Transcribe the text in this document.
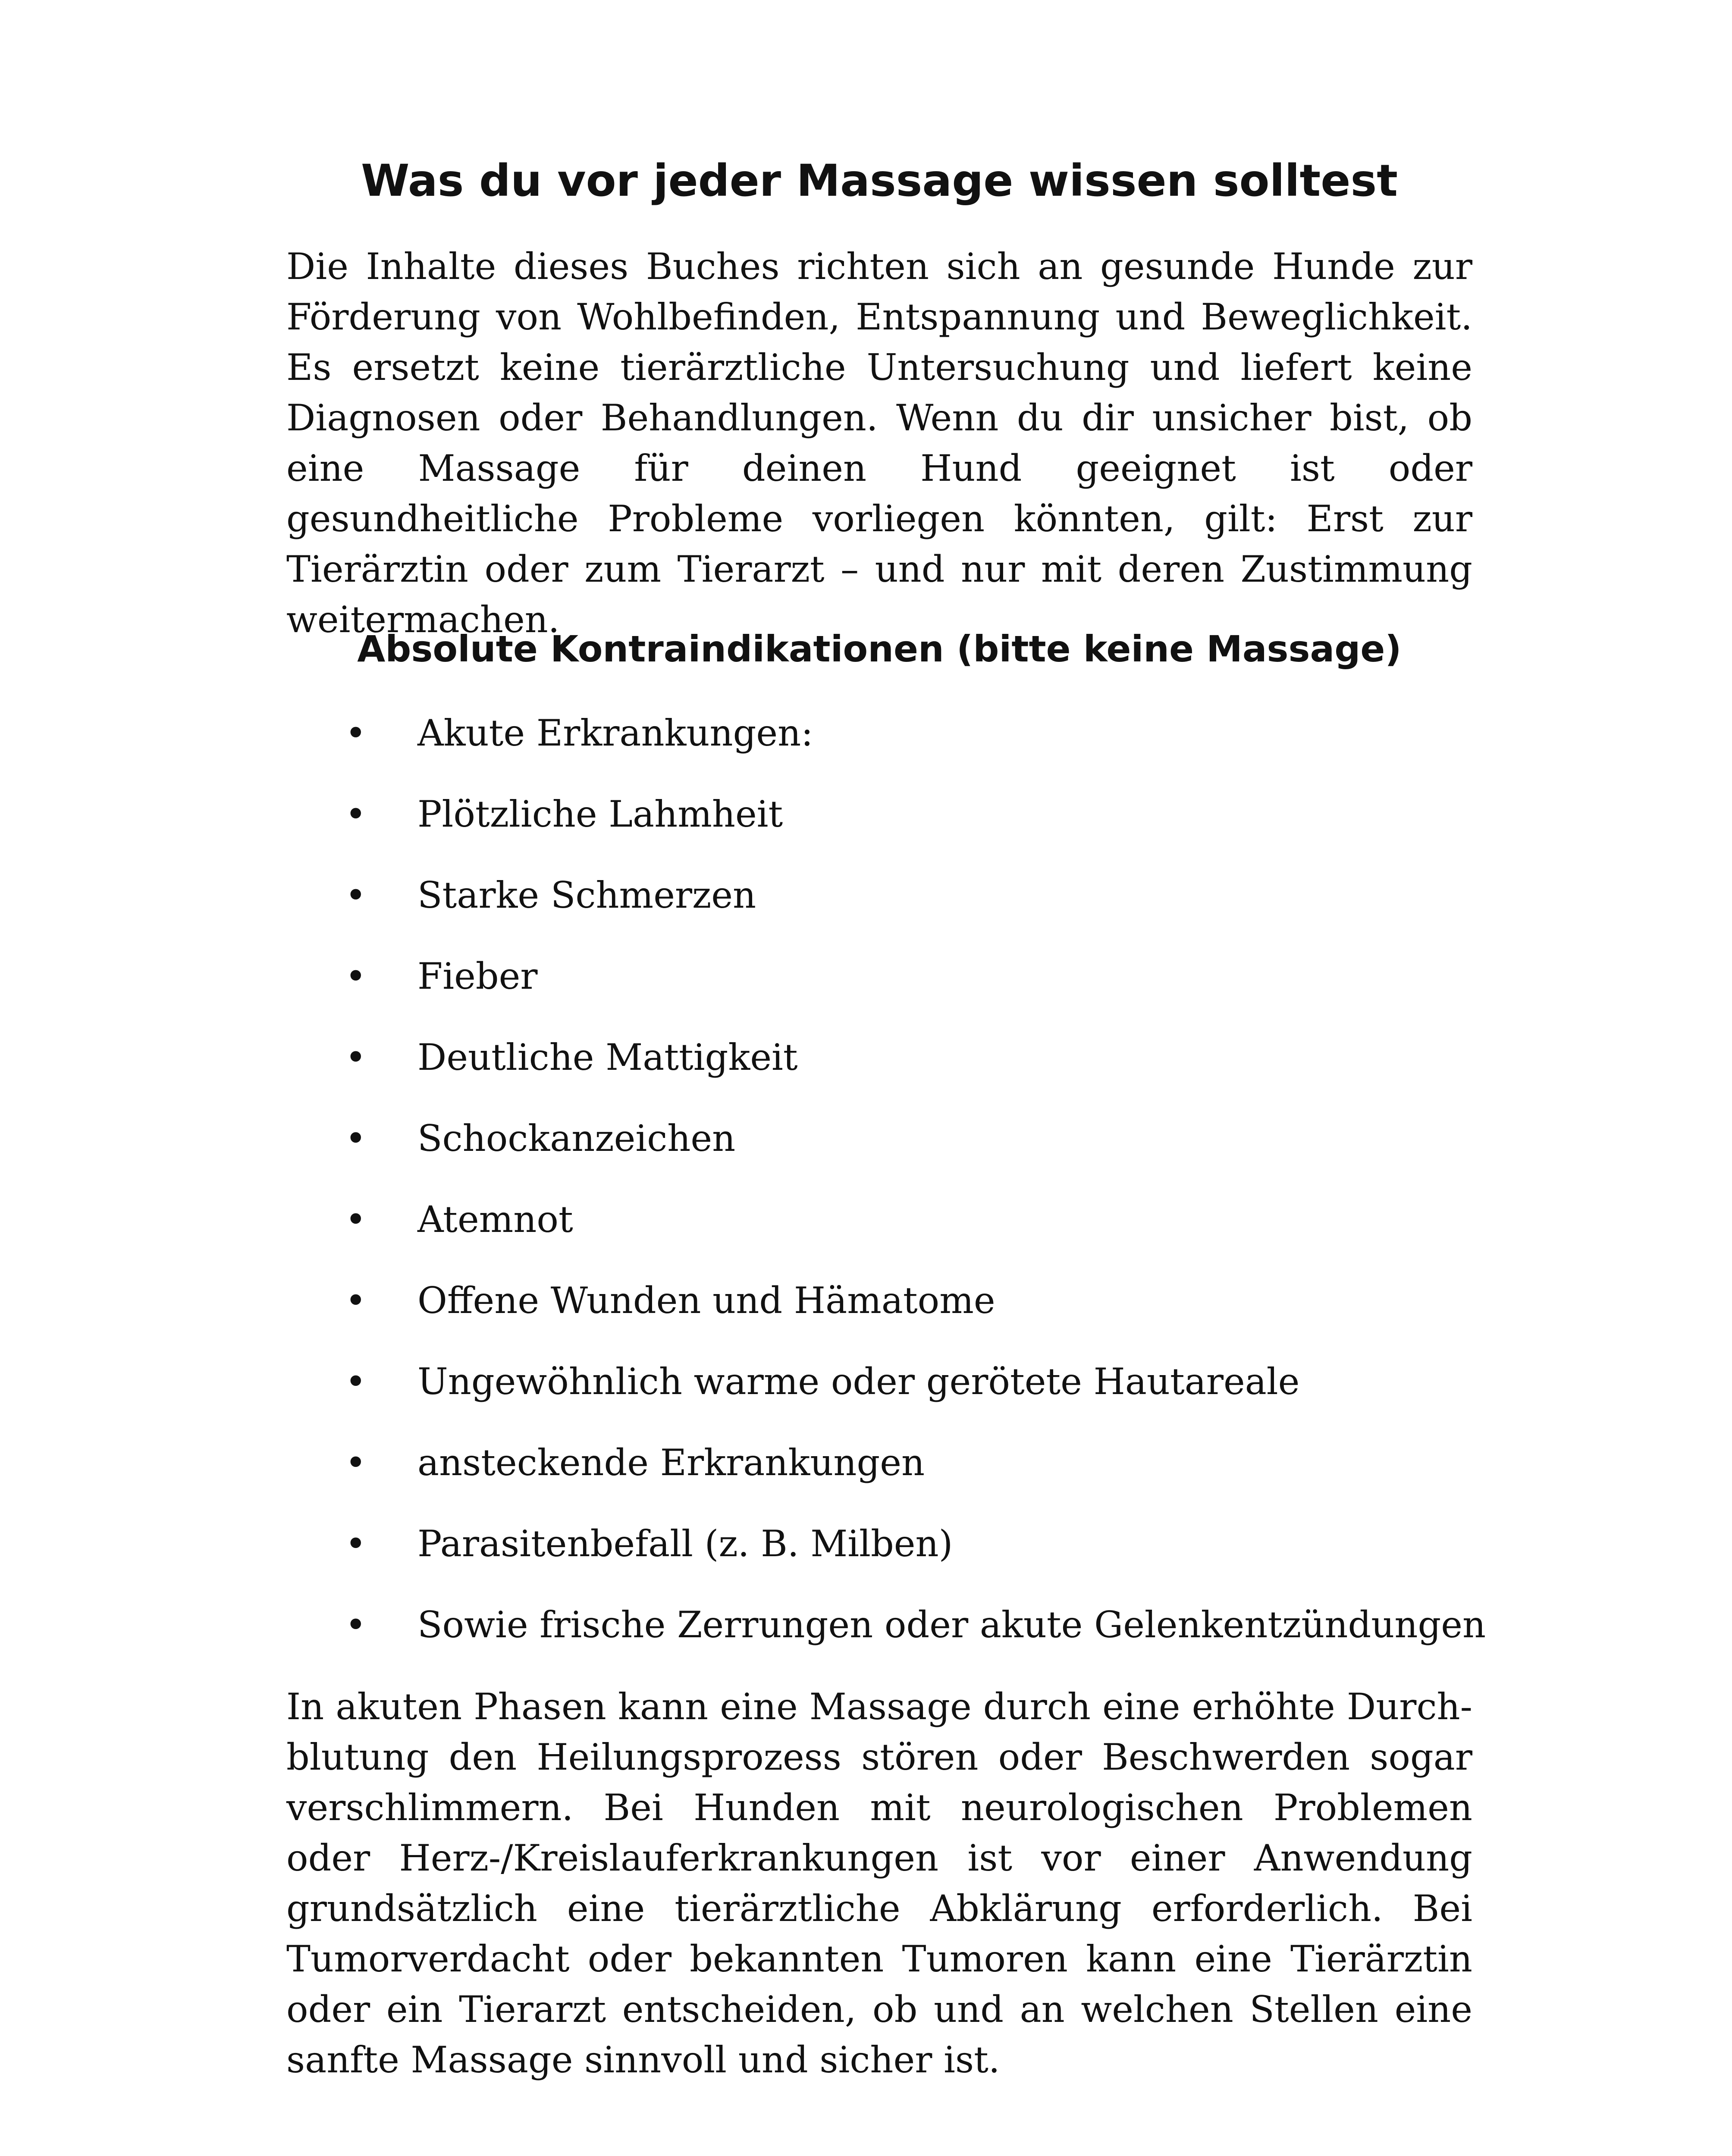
Was du vor jeder Massage wissen solltest

Die Inhalte dieses Buches richten sich an gesunde Hunde zur Förderung von Wohlbefinden, Entspannung und Beweglichkeit. Es ersetzt keine tierärztliche Untersuchung und liefert keine Diagnosen oder Behandlungen. Wenn du dir unsicher bist, ob eine Massage für deinen Hund geeignet ist oder gesundheitliche Probleme vorliegen könnten, gilt: Erst zur Tierärztin oder zum Tierarzt – und nur mit deren Zustimmung weitermachen.

Absolute Kontraindikationen (bitte keine Massage)
• Akute Erkrankungen:
• Plötzliche Lahmheit
• Starke Schmerzen
• Fieber
• Deutliche Mattigkeit
• Schockanzeichen
• Atemnot
• Offene Wunden und Hämatome
• Ungewöhnlich warme oder gerötete Hautareale
• ansteckende Erkrankungen
• Parasitenbefall (z. B. Milben)
• Sowie frische Zerrungen oder akute Gelenkentzündungen

In akuten Phasen kann eine Massage durch eine erhöhte Durchblutung den Heilungsprozess stören oder Beschwerden sogar verschlimmern. Bei Hunden mit neurologischen Problemen oder Herz-/Kreislauferkrankungen ist vor einer Anwendung grundsätzlich eine tierärztliche Abklärung erforderlich. Bei Tumorverdacht oder bekannten Tumoren kann eine Tierärztin oder ein Tierarzt entscheiden, ob und an welchen Stellen eine sanfte Massage sinnvoll und sicher ist.
